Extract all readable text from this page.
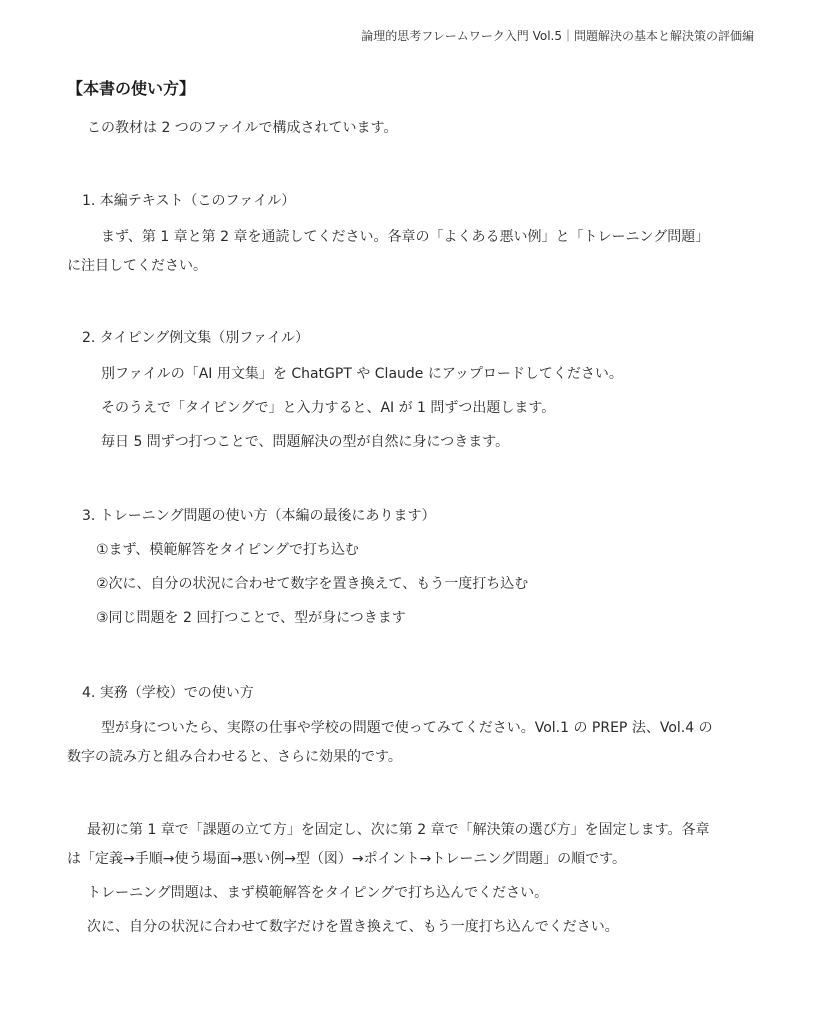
論理的思考フレームワーク入門 Vol.5｜問題解決の基本と解決策の評価編
【本書の使い方】
この教材は 2 つのファイルで構成されています。
1. 本編テキスト（このファイル）
まず、第 1 章と第 2 章を通読してください。各章の「よくある悪い例」と「トレーニング問題」
に注目してください。
2. タイピング例文集（別ファイル）
別ファイルの「AI 用文集」を ChatGPT や Claude にアップロードしてください。
そのうえで「タイピングで」と入力すると、AI が 1 問ずつ出題します。
毎日 5 問ずつ打つことで、問題解決の型が自然に身につきます。
3. トレーニング問題の使い方（本編の最後にあります）
①まず、模範解答をタイピングで打ち込む
②次に、自分の状況に合わせて数字を置き換えて、もう一度打ち込む
③同じ問題を 2 回打つことで、型が身につきます
4. 実務（学校）での使い方
型が身についたら、実際の仕事や学校の問題で使ってみてください。Vol.1 の PREP 法、Vol.4 の
数字の読み方と組み合わせると、さらに効果的です。
最初に第 1 章で「課題の立て方」を固定し、次に第 2 章で「解決策の選び方」を固定します。各章
は「定義→手順→使う場面→悪い例→型（図）→ポイント→トレーニング問題」の順です。
トレーニング問題は、まず模範解答をタイピングで打ち込んでください。
次に、自分の状況に合わせて数字だけを置き換えて、もう一度打ち込んでください。
